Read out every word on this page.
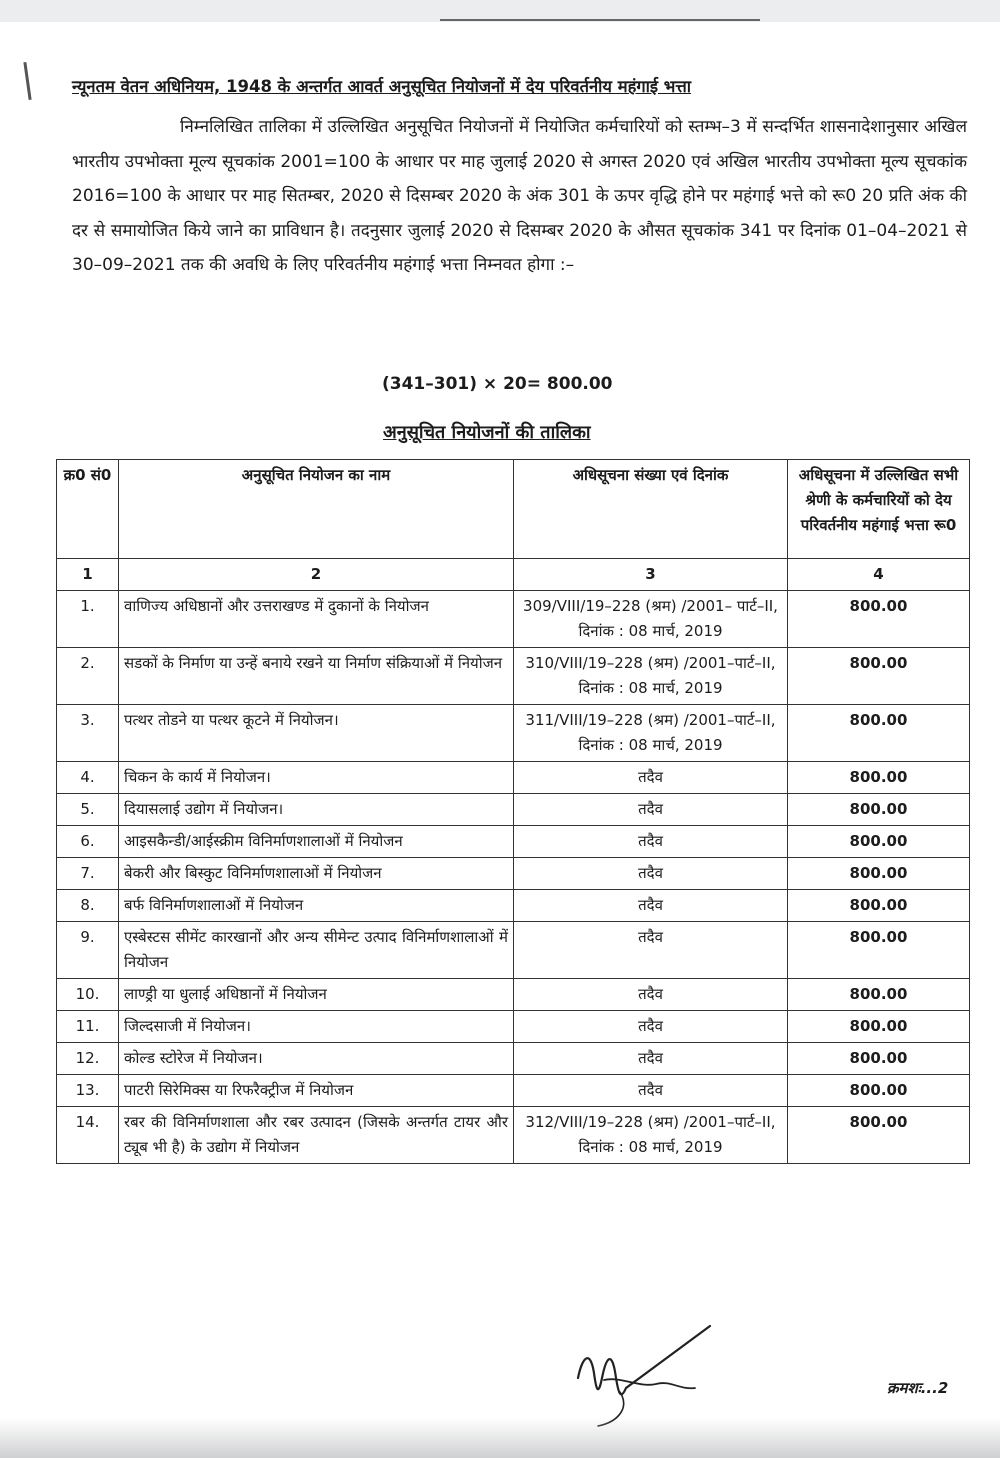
न्यूनतम वेतन अधिनियम, 1948 के अन्तर्गत आवर्त अनुसूचित नियोजनों में देय परिवर्तनीय महंगाई भत्ता

निम्नलिखित तालिका में उल्लिखित अनुसूचित नियोजनों में नियोजित कर्मचारियों को स्तम्भ–3 में सन्दर्भित शासनादेशानुसार अखिल भारतीय उपभोक्ता मूल्य सूचकांक 2001=100 के आधार पर माह जुलाई 2020 से अगस्त 2020 एवं अखिल भारतीय उपभोक्ता मूल्य सूचकांक 2016=100 के आधार पर माह सितम्बर, 2020 से दिसम्बर 2020 के अंक 301 के ऊपर वृद्धि होने पर महंगाई भत्ते को रू0 20 प्रति अंक की दर से समायोजित किये जाने का प्राविधान है। तदनुसार जुलाई 2020 से दिसम्बर 2020 के औसत सूचकांक 341 पर दिनांक 01–04–2021 से 30–09–2021 तक की अवधि के लिए परिवर्तनीय महंगाई भत्ता निम्नवत होगा :–

(341–301) × 20= 800.00
अनुसूचित नियोजनों की तालिका
क्र0 सं0	अनुसूचित नियोजन का नाम	अधिसूचना संख्या एवं दिनांक	अधिसूचना में उल्लिखित सभी श्रेणी के कर्मचारियों को देय परिवर्तनीय महंगाई भत्ता रू0
1	2	3	4
1.	वाणिज्य अधिष्ठानों और उत्तराखण्ड में दुकानों के नियोजन	309/VIII/19–228 (श्रम) /2001– पार्ट–II, दिनांक : 08 मार्च, 2019	800.00
2.	सडकों के निर्माण या उन्हें बनाये रखने या निर्माण संक्रियाओं में नियोजन	310/VIII/19–228 (श्रम) /2001–पार्ट–II, दिनांक : 08 मार्च, 2019	800.00
3.	पत्थर तोडने या पत्थर कूटने में नियोजन।	311/VIII/19–228 (श्रम) /2001–पार्ट–II, दिनांक : 08 मार्च, 2019	800.00
4.	चिकन के कार्य में नियोजन।	तदैव	800.00
5.	दियासलाई उद्योग में नियोजन।	तदैव	800.00
6.	आइसकैन्डी/आईस्क्रीम विनिर्माणशालाओं में नियोजन	तदैव	800.00
7.	बेकरी और बिस्कुट विनिर्माणशालाओं में नियोजन	तदैव	800.00
8.	बर्फ विनिर्माणशालाओं में नियोजन	तदैव	800.00
9.	एस्बेस्टस सीमेंट कारखानों और अन्य सीमेन्ट उत्पाद विनिर्माणशालाओं में नियोजन	तदैव	800.00
10.	लाण्ड्री या धुलाई अधिष्ठानों में नियोजन	तदैव	800.00
11.	जिल्दसाजी में नियोजन।	तदैव	800.00
12.	कोल्ड स्टोरेज में नियोजन।	तदैव	800.00
13.	पाटरी सिरेमिक्स या रिफरैक्ट्रीज में नियोजन	तदैव	800.00
14.	रबर की विनिर्माणशाला और रबर उत्पादन (जिसके अन्तर्गत टायर और ट्यूब भी है) के उद्योग में नियोजन	312/VIII/19–228 (श्रम) /2001–पार्ट–II, दिनांक : 08 मार्च, 2019	800.00
क्रमशः...2
